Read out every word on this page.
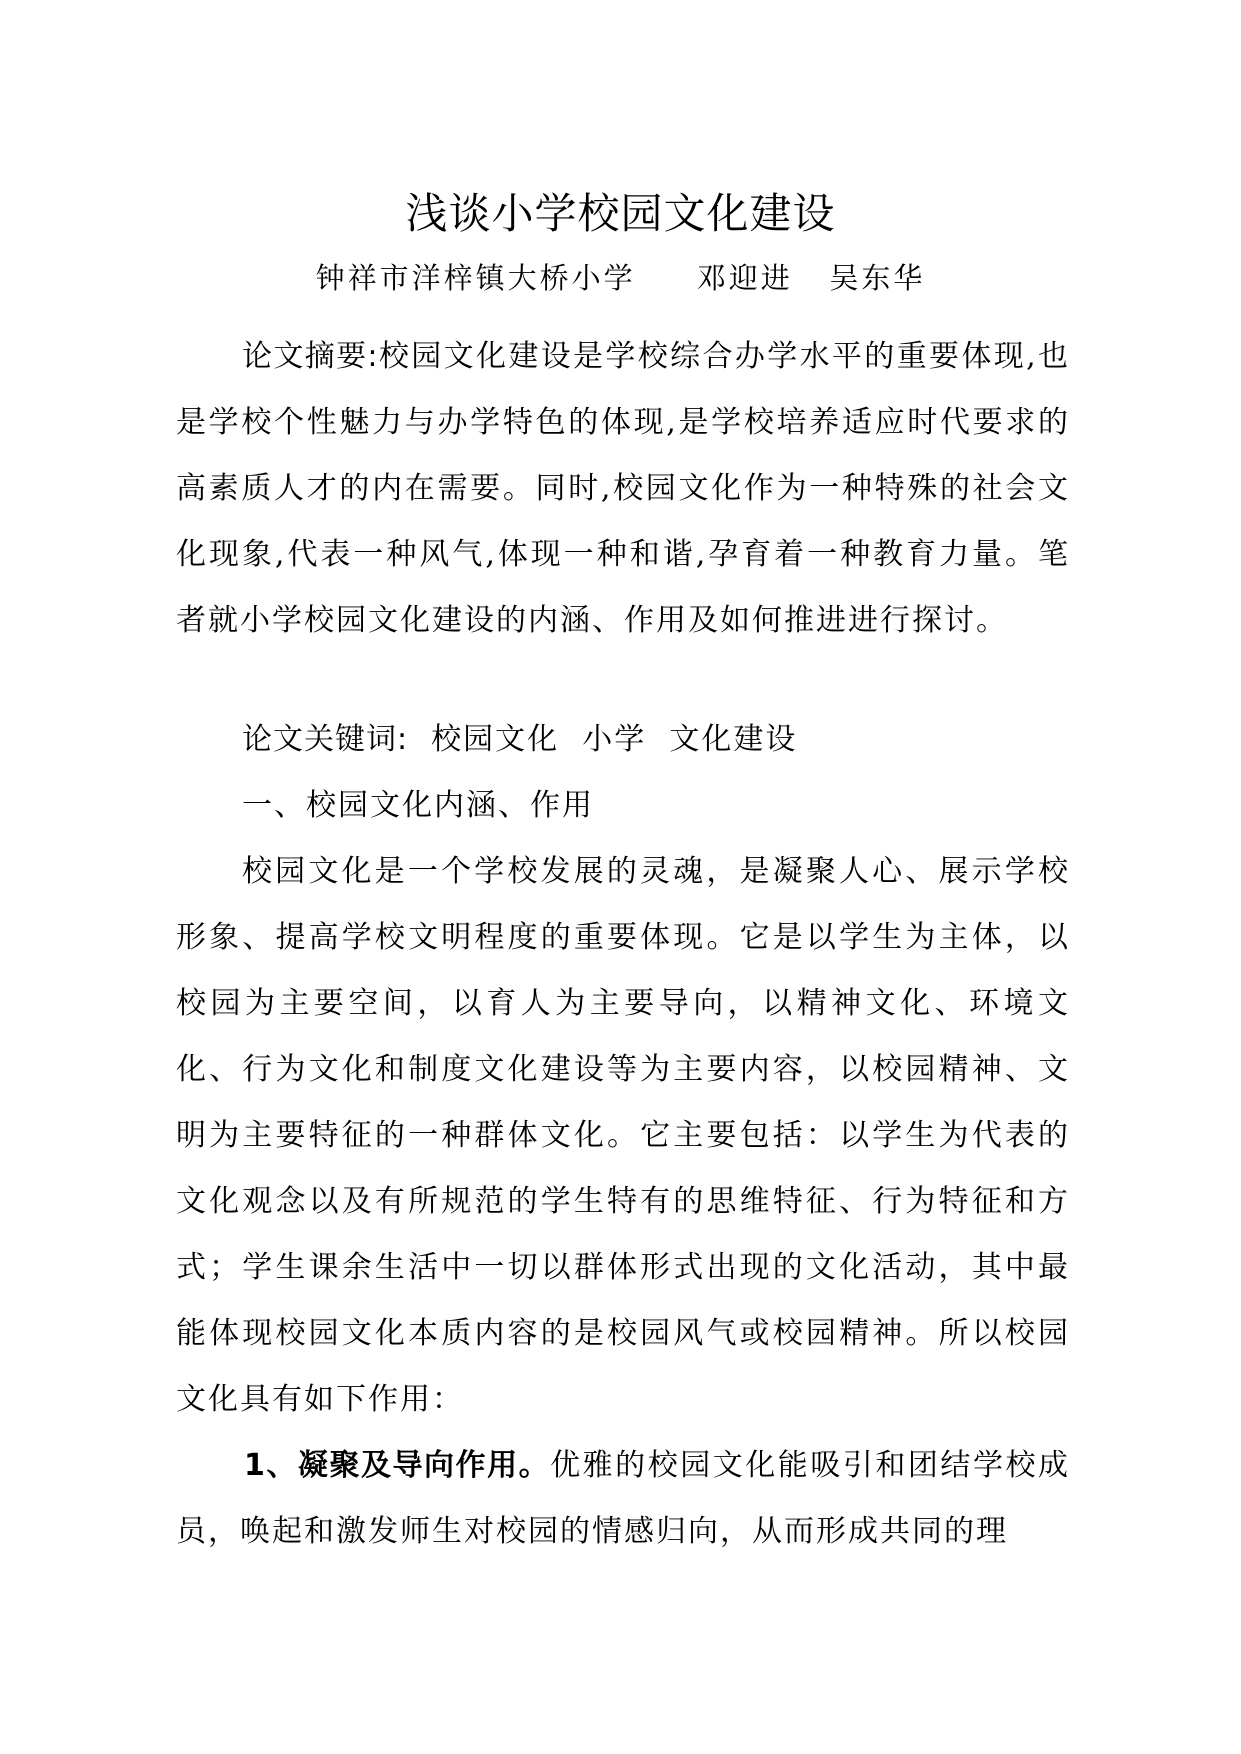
浅谈小学校园文化建设
钟祥市洋梓镇大桥小学     邓迎进   吴东华
论文摘要:校园文化建设是学校综合办学水平的重要体现,也是学校个性魅力与办学特色的体现,是学校培养适应时代要求的高素质人才的内在需要。同时,校园文化作为一种特殊的社会文化现象,代表一种风气,体现一种和谐,孕育着一种教育力量。笔者就小学校园文化建设的内涵、作用及如何推进进行探讨。
论文关键词:  校园文化  小学  文化建设
一、校园文化内涵、作用
校园文化是一个学校发展的灵魂，是凝聚人心、展示学校形象、提高学校文明程度的重要体现。它是以学生为主体，以校园为主要空间，以育人为主要导向，以精神文化、环境文化、行为文化和制度文化建设等为主要内容，以校园精神、文明为主要特征的一种群体文化。它主要包括：以学生为代表的文化观念以及有所规范的学生特有的思维特征、行为特征和方式；学生课余生活中一切以群体形式出现的文化活动，其中最能体现校园文化本质内容的是校园风气或校园精神。所以校园文化具有如下作用：
1、凝聚及导向作用。优雅的校园文化能吸引和团结学校成员，唤起和激发师生对校园的情感归向，从而形成共同的理
